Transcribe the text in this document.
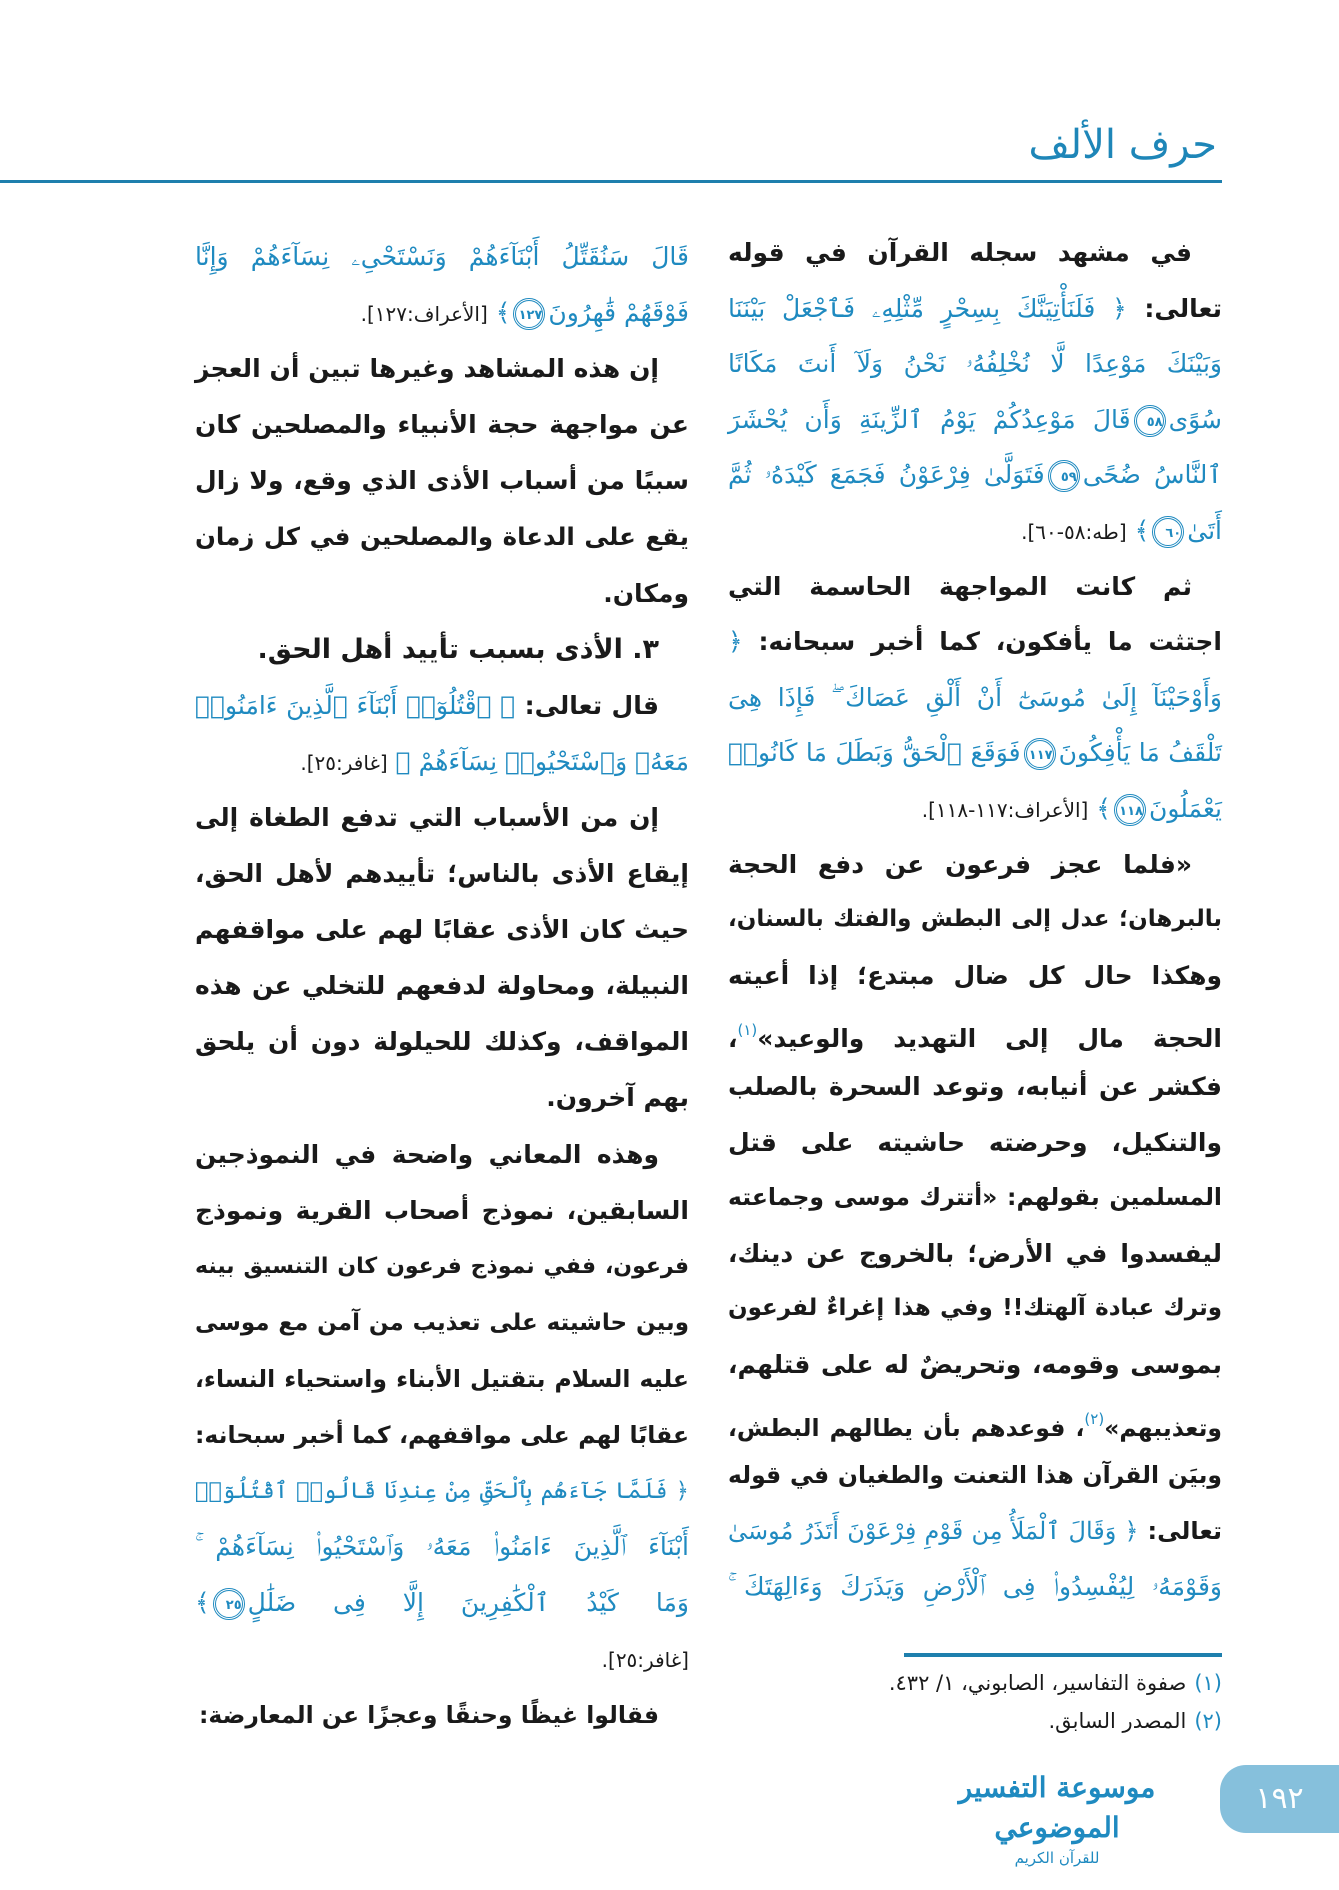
حرف الألف
في مشهد سجله القرآن في قوله
تعالى: ﴿ فَلَنَأْتِيَنَّكَ بِسِحْرٍ مِّثْلِهِۦ فَٱجْعَلْ بَيْنَنَا
وَبَيْنَكَ مَوْعِدًا لَّا نُخْلِفُهُۥ نَحْنُ وَلَآ أَنتَ مَكَانًا
سُوًى٥٨قَالَ مَوْعِدُكُمْ يَوْمُ ٱلزِّينَةِ وَأَن يُحْشَرَ
ٱلنَّاسُ ضُحًى٥٩فَتَوَلَّىٰ فِرْعَوْنُ فَجَمَعَ كَيْدَهُۥ ثُمَّ
أَتَىٰ٦٠﴾ [طه:٥٨-٦٠].
ثم كانت المواجهة الحاسمة التي
اجتثت ما يأفكون، كما أخبر سبحانه: ﴿
وَأَوْحَيْنَآ إِلَىٰ مُوسَىٰٓ أَنْ أَلْقِ عَصَاكَ ۖ فَإِذَا هِىَ
تَلْقَفُ مَا يَأْفِكُونَ١١٧فَوَقَعَ ٱلْحَقُّ وَبَطَلَ مَا كَانُوا۟
يَعْمَلُونَ١١٨﴾ [الأعراف:١١٧-١١٨].
«فلما عجز فرعون عن دفع الحجة
بالبرهان؛ عدل إلى البطش والفتك بالسنان،
وهكذا حال كل ضال مبتدع؛ إذا أعيته
الحجة مال إلى التهديد والوعيد»$^{(١)}$،
فكشر عن أنيابه، وتوعد السحرة بالصلب
والتنكيل، وحرضته حاشيته على قتل
المسلمين بقولهم: «أتترك موسى وجماعته
ليفسدوا في الأرض؛ بالخروج عن دينك،
وترك عبادة آلهتك!! وفي هذا إغراءٌ لفرعون
بموسى وقومه، وتحريضٌ له على قتلهم،
وتعذيبهم»$^{(٢)}$، فوعدهم بأن يطالهم البطش،
وبيَن القرآن هذا التعنت والطغيان في قوله
تعالى: ﴿ وَقَالَ ٱلْمَلَأُ مِن قَوْمِ فِرْعَوْنَ أَتَذَرُ مُوسَىٰ
وَقَوْمَهُۥ لِيُفْسِدُوا۟ فِى ٱلْأَرْضِ وَيَذَرَكَ وَءَالِهَتَكَ ۚ
قَالَ سَنُقَتِّلُ أَبْنَآءَهُمْ وَنَسْتَحْىِۦ نِسَآءَهُمْ وَإِنَّا
فَوْقَهُمْ قَٰهِرُونَ١٢٧﴾ [الأعراف:١٢٧].
إن هذه المشاهد وغيرها تبين أن العجز
عن مواجهة حجة الأنبياء والمصلحين كان
سببًا من أسباب الأذى الذي وقع، ولا زال
يقع على الدعاة والمصلحين في كل زمان
ومكان.
٣. الأذى بسبب تأييد أهل الحق.
قال تعالى: ﴿ ٱقْتُلُوٓا۟ أَبْنَآءَ ٱلَّذِينَ ءَامَنُوا۟
مَعَهُۥ وَٱسْتَحْيُوا۟ نِسَآءَهُمْ ﴾ [غافر:٢٥].
إن من الأسباب التي تدفع الطغاة إلى
إيقاع الأذى بالناس؛ تأييدهم لأهل الحق،
حيث كان الأذى عقابًا لهم على مواقفهم
النبيلة، ومحاولة لدفعهم للتخلي عن هذه
المواقف، وكذلك للحيلولة دون أن يلحق
بهم آخرون.
وهذه المعاني واضحة في النموذجين
السابقين، نموذج أصحاب القرية ونموذج
فرعون، ففي نموذج فرعون كان التنسيق بينه
وبين حاشيته على تعذيب من آمن مع موسى
عليه السلام بتقتيل الأبناء واستحياء النساء،
عقابًا لهم على مواقفهم، كما أخبر سبحانه:
﴿ فَلَمَّا جَآءَهُم بِٱلْحَقِّ مِنْ عِندِنَا قَالُوا۟ ٱقْتُلُوٓا۟
أَبْنَآءَ ٱلَّذِينَ ءَامَنُوا۟ مَعَهُۥ وَٱسْتَحْيُوا۟ نِسَآءَهُمْ ۚ
وَمَا كَيْدُ ٱلْكَٰفِرِينَ إِلَّا فِى ضَلَٰلٍ٢٥﴾
[غافر:٢٥].
فقالوا غيظًا وحنقًا وعجزًا عن المعارضة:
(١)صفوة التفاسير، الصابوني، ١/ ٤٣٢.
(٢)المصدر السابق.
موسوعة التفسير الموضوعي
للقرآن الكريم
١٩٢
